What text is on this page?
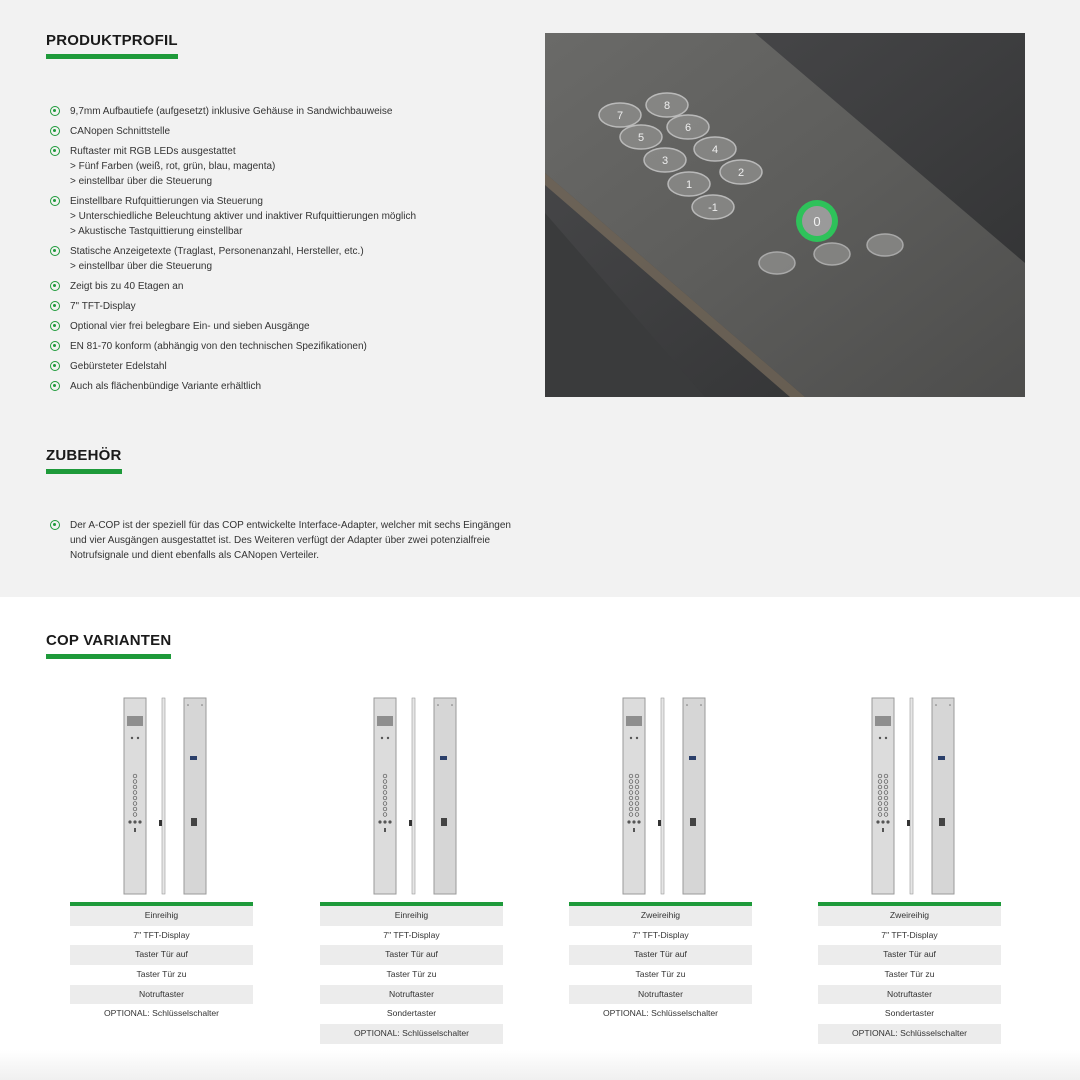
PRODUKTPROFIL
9,7mm Aufbautiefe (aufgesetzt) inklusive Gehäuse in Sandwichbauweise
CANopen Schnittstelle
Ruftaster mit RGB LEDs ausgestattet
> Fünf Farben (weiß, rot, grün, blau, magenta)
> einstellbar über die Steuerung
Einstellbare Rufquittierungen via Steuerung
> Unterschiedliche Beleuchtung aktiver und inaktiver Rufquittierungen möglich
> Akustische Tastquittierung einstellbar
Statische Anzeigetexte (Traglast, Personenanzahl, Hersteller, etc.)
> einstellbar über die Steuerung
Zeigt bis zu 40 Etagen an
7" TFT-Display
Optional vier frei belegbare Ein- und sieben Ausgänge
EN 81-70 konform (abhängig von den technischen Spezifikationen)
Gebürsteter Edelstahl
Auch als flächenbündige Variante erhältlich
7
8
5
6
3
4
1
2
-1
0
ZUBEHÖR
Der A-COP ist der speziell für das COP entwickelte Interface-Adapter, welcher mit sechs Eingängen
und vier Ausgängen ausgestattet ist. Des Weiteren verfügt der Adapter über zwei potenzialfreie
Notrufsignale und dient ebenfalls als CANopen Verteiler.
COP VARIANTEN
Einreihig
7" TFT-Display
Taster Tür auf
Taster Tür zu
Notruftaster
OPTIONAL: Schlüsselschalter
Einreihig
7" TFT-Display
Taster Tür auf
Taster Tür zu
Notruftaster
Sondertaster
OPTIONAL: Schlüsselschalter
Zweireihig
7" TFT-Display
Taster Tür auf
Taster Tür zu
Notruftaster
OPTIONAL: Schlüsselschalter
Zweireihig
7" TFT-Display
Taster Tür auf
Taster Tür zu
Notruftaster
Sondertaster
OPTIONAL: Schlüsselschalter
